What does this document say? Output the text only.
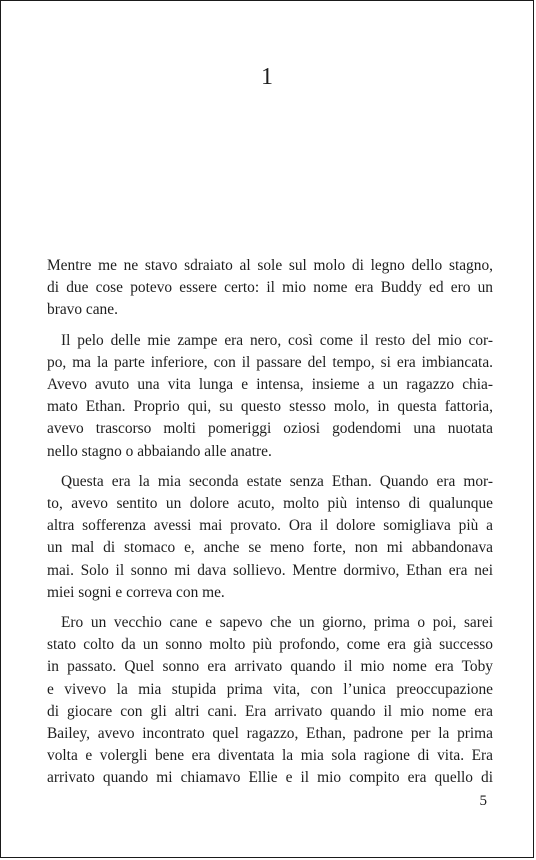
1
Mentre me ne stavo sdraiato al sole sul molo di legno dello stagno,
di due cose potevo essere certo: il mio nome era Buddy ed ero un
bravo cane.
Il pelo delle mie zampe era nero, così come il resto del mio cor-
po, ma la parte inferiore, con il passare del tempo, si era imbiancata.
Avevo avuto una vita lunga e intensa, insieme a un ragazzo chia-
mato Ethan. Proprio qui, su questo stesso molo, in questa fattoria,
avevo trascorso molti pomeriggi oziosi godendomi una nuotata
nello stagno o abbaiando alle anatre.
Questa era la mia seconda estate senza Ethan. Quando era mor-
to, avevo sentito un dolore acuto, molto più intenso di qualunque
altra sofferenza avessi mai provato. Ora il dolore somigliava più a
un mal di stomaco e, anche se meno forte, non mi abbandonava
mai. Solo il sonno mi dava sollievo. Mentre dormivo, Ethan era nei
miei sogni e correva con me.
Ero un vecchio cane e sapevo che un giorno, prima o poi, sarei
stato colto da un sonno molto più profondo, come era già successo
in passato. Quel sonno era arrivato quando il mio nome era Toby
e vivevo la mia stupida prima vita, con l’unica preoccupazione
di giocare con gli altri cani. Era arrivato quando il mio nome era
Bailey, avevo incontrato quel ragazzo, Ethan, padrone per la prima
volta e volergli bene era diventata la mia sola ragione di vita. Era
arrivato quando mi chiamavo Ellie e il mio compito era quello di
5
